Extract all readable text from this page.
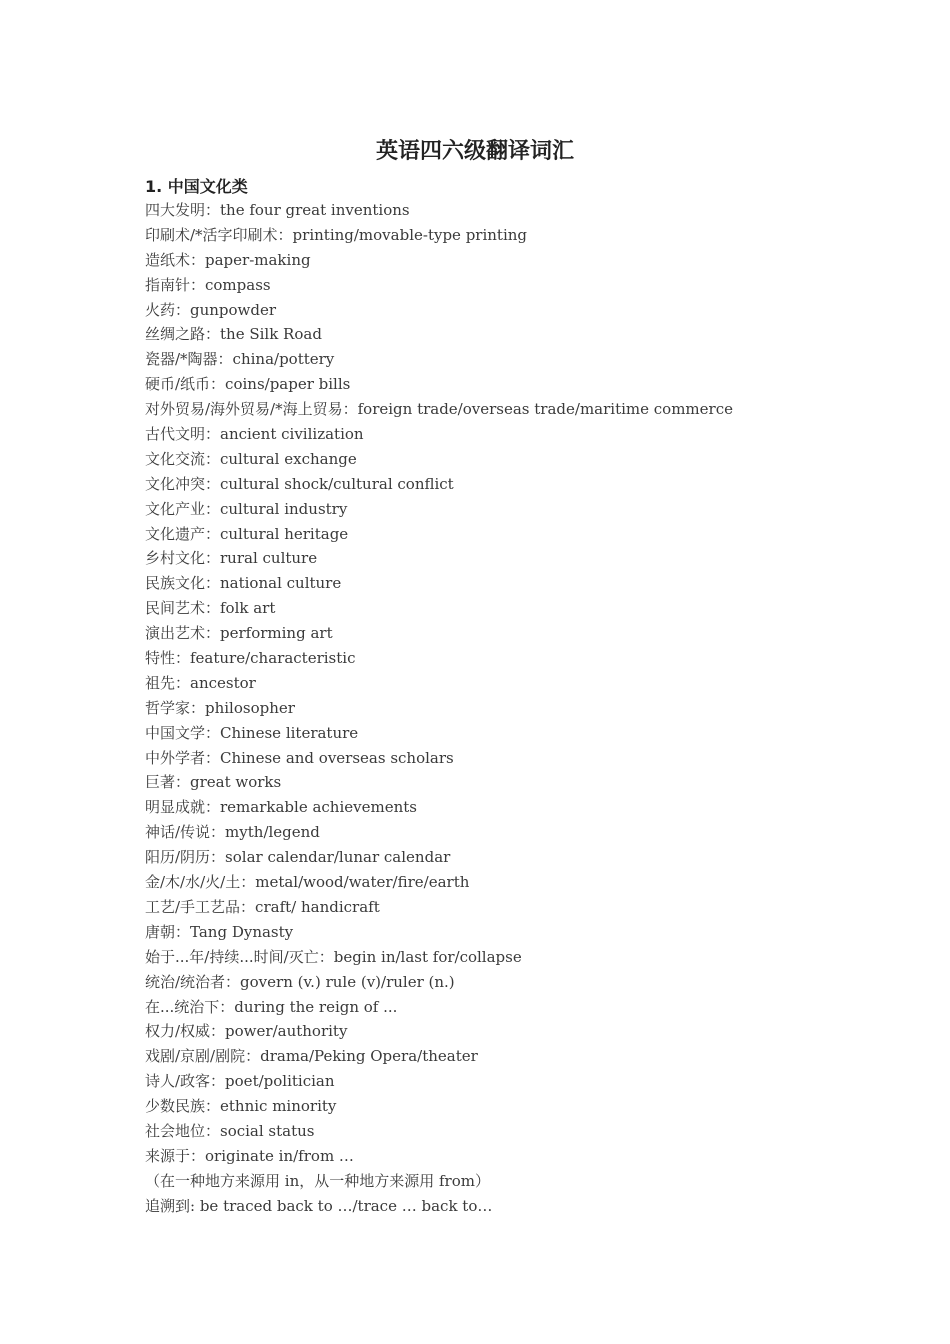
英语四六级翻译词汇
1. 中国文化类
四大发明：the four great inventions
印刷术/*活字印刷术：printing/movable-type printing
造纸术：paper-making
指南针：compass
火药：gunpowder
丝绸之路：the Silk Road
瓷器/*陶器：china/pottery
硬币/纸币：coins/paper bills
对外贸易/海外贸易/*海上贸易：foreign trade/overseas trade/maritime commerce
古代文明：ancient civilization
文化交流：cultural exchange
文化冲突：cultural shock/cultural conflict
文化产业：cultural industry
文化遗产：cultural heritage
乡村文化：rural culture
民族文化：national culture
民间艺术：folk art
演出艺术：performing art
特性：feature/characteristic
祖先：ancestor
哲学家：philosopher
中国文学：Chinese literature
中外学者：Chinese and overseas scholars
巨著：great works
明显成就：remarkable achievements
神话/传说：myth/legend
阳历/阴历：solar calendar/lunar calendar
金/木/水/火/土：metal/wood/water/fire/earth
工艺/手工艺品：craft/ handicraft
唐朝：Tang Dynasty
始于...年/持续...时间/灭亡：begin in/last for/collapse
统治/统治者：govern (v.) rule (v)/ruler (n.)
在...统治下：during the reign of ...
权力/权威：power/authority
戏剧/京剧/剧院：drama/Peking Opera/theater
诗人/政客：poet/politician
少数民族：ethnic minority
社会地位：social status
来源于：originate in/from …
（在一种地方来源用 in，从一种地方来源用 from）
追溯到: be traced back to …/trace … back to…
